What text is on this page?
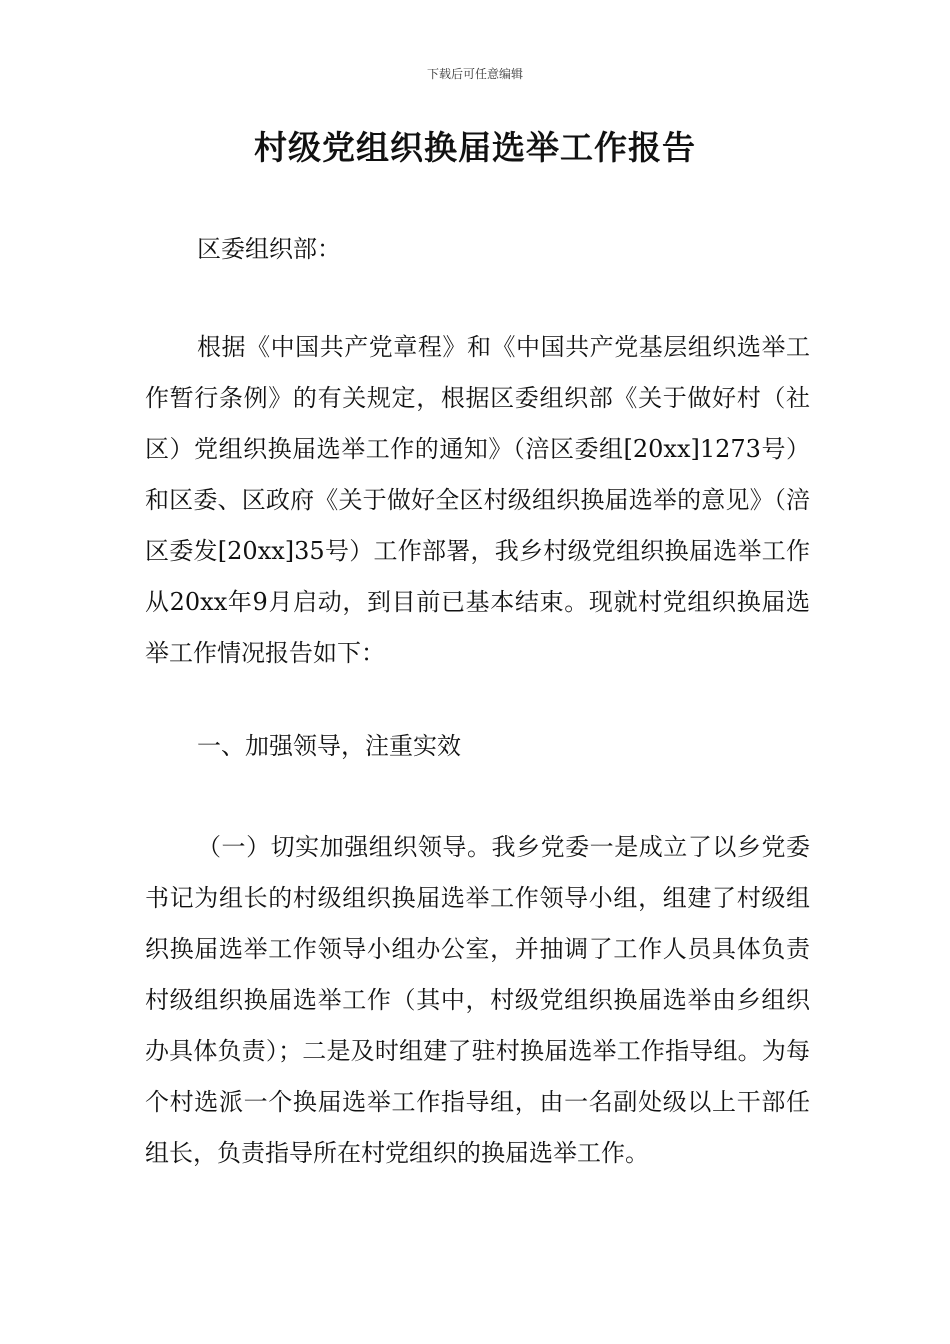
下载后可任意编辑
村级党组织换届选举工作报告

区委组织部：

根据《中国共产党章程》和《中国共产党基层组织选举工作暂行条例》的有关规定，根据区委组织部《关于做好村（社区）党组织换届选举工作的通知》（涪区委组[20xx]1273号）和区委、区政府《关于做好全区村级组织换届选举的意见》（涪区委发[20xx]35号）工作部署，我乡村级党组织换届选举工作从20xx年9月启动，到目前已基本结束。现就村党组织换届选举工作情况报告如下：

一、加强领导，注重实效

（一）切实加强组织领导。我乡党委一是成立了以乡党委书记为组长的村级组织换届选举工作领导小组，组建了村级组织换届选举工作领导小组办公室，并抽调了工作人员具体负责村级组织换届选举工作（其中，村级党组织换届选举由乡组织办具体负责）；二是及时组建了驻村换届选举工作指导组。为每个村选派一个换届选举工作指导组，由一名副处级以上干部任组长，负责指导所在村党组织的换届选举工作。
